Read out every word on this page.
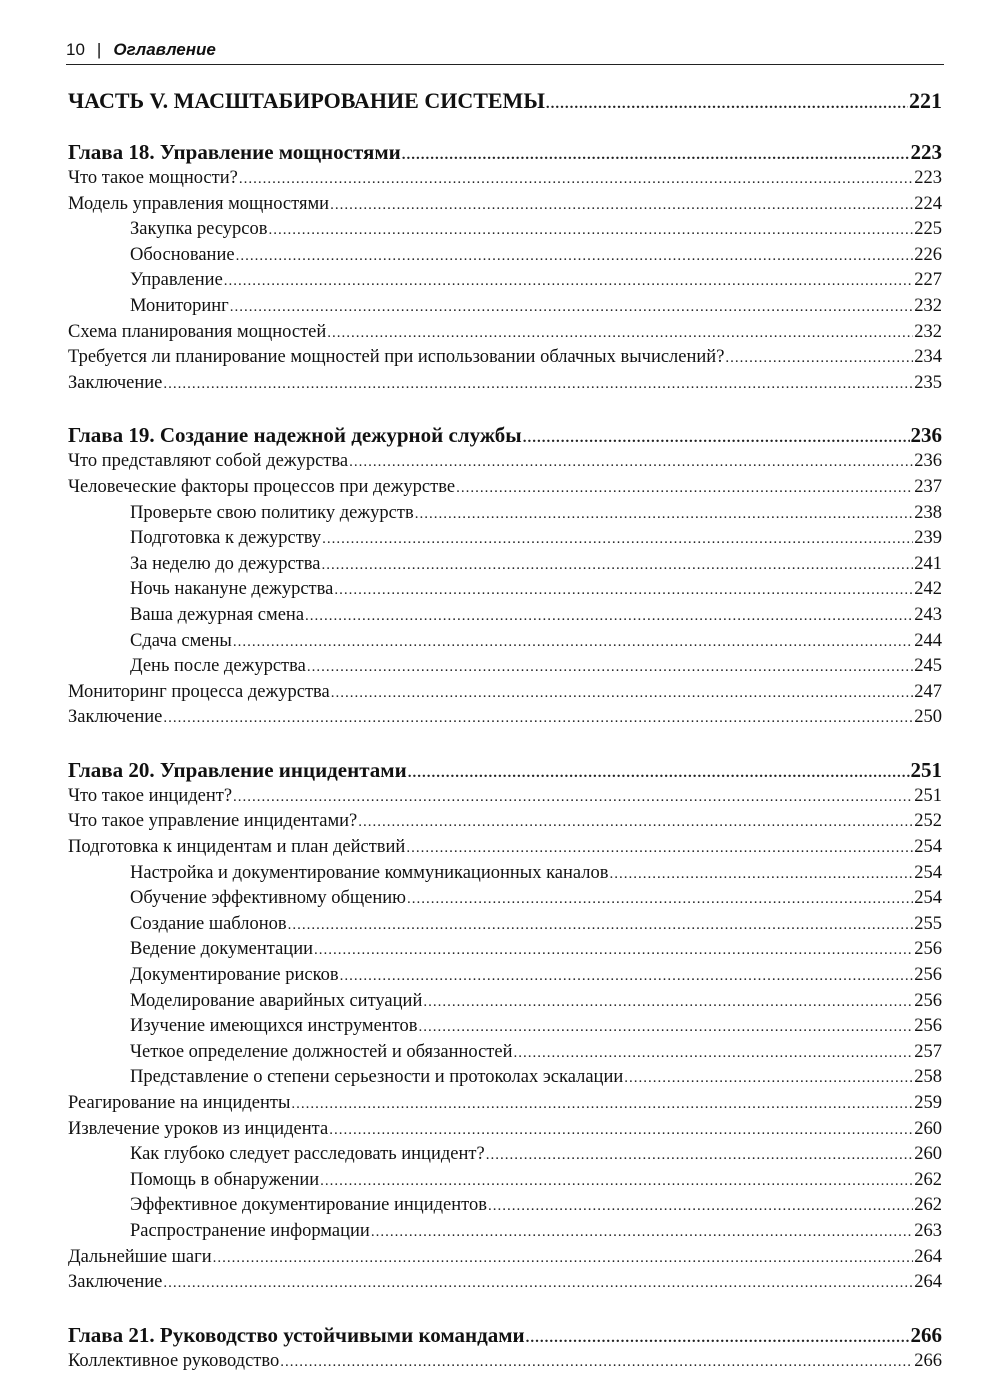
10 | Оглавление
ЧАСТЬ V. МАСШТАБИРОВАНИЕ СИСТЕМЫ .....	221
Глава 18. Управление мощностями .....	223
Что такое мощности? .....	223
Модель управления мощностями .....	224
Закупка ресурсов .....	225
Обоснование .....	226
Управление .....	227
Мониторинг .....	232
Схема планирования мощностей .....	232
Требуется ли планирование мощностей при использовании облачных вычислений? .....	234
Заключение .....	235
Глава 19. Создание надежной дежурной службы .....	236
Что представляют собой дежурства .....	236
Человеческие факторы процессов при дежурстве .....	237
Проверьте свою политику дежурств .....	238
Подготовка к дежурству .....	239
За неделю до дежурства .....	241
Ночь накануне дежурства .....	242
Ваша дежурная смена .....	243
Сдача смены .....	244
День после дежурства .....	245
Мониторинг процесса дежурства .....	247
Заключение .....	250
Глава 20. Управление инцидентами .....	251
Что такое инцидент? .....	251
Что такое управление инцидентами? .....	252
Подготовка к инцидентам и план действий .....	254
Настройка и документирование коммуникационных каналов .....	254
Обучение эффективному общению .....	254
Создание шаблонов .....	255
Ведение документации .....	256
Документирование рисков .....	256
Моделирование аварийных ситуаций .....	256
Изучение имеющихся инструментов .....	256
Четкое определение должностей и обязанностей .....	257
Представление о степени серьезности и протоколах эскалации .....	258
Реагирование на инциденты .....	259
Извлечение уроков из инцидента .....	260
Как глубоко следует расследовать инцидент? .....	260
Помощь в обнаружении .....	262
Эффективное документирование инцидентов .....	262
Распространение информации .....	263
Дальнейшие шаги .....	264
Заключение .....	264
Глава 21. Руководство устойчивыми командами .....	266
Коллективное руководство .....	266
